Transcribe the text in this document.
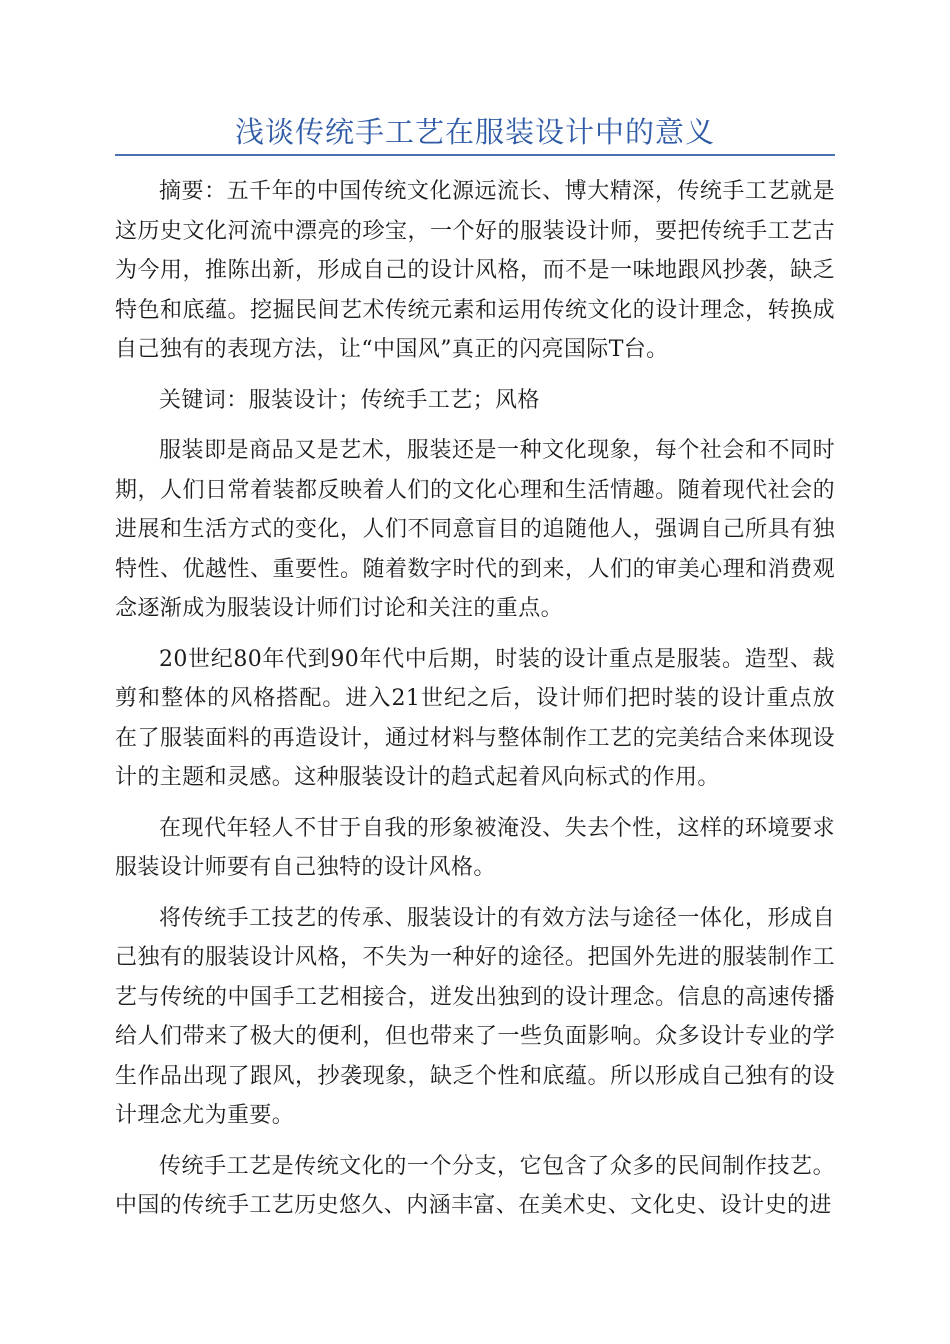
浅谈传统手工艺在服装设计中的意义

摘要：五千年的中国传统文化源远流长、博大精深，传统手工艺就是这历史文化河流中漂亮的珍宝，一个好的服装设计师，要把传统手工艺古为今用，推陈出新，形成自己的设计风格，而不是一味地跟风抄袭，缺乏特色和底蕴。挖掘民间艺术传统元素和运用传统文化的设计理念，转换成自己独有的表现方法，让“中国风”真正的闪亮国际T台。

关键词：服装设计；传统手工艺；风格

服装即是商品又是艺术，服装还是一种文化现象，每个社会和不同时期，人们日常着装都反映着人们的文化心理和生活情趣。随着现代社会的进展和生活方式的变化，人们不同意盲目的追随他人，强调自己所具有独特性、优越性、重要性。随着数字时代的到来，人们的审美心理和消费观念逐渐成为服装设计师们讨论和关注的重点。

20世纪80年代到90年代中后期，时装的设计重点是服装。造型、裁剪和整体的风格搭配。进入21世纪之后，设计师们把时装的设计重点放在了服装面料的再造设计，通过材料与整体制作工艺的完美结合来体现设计的主题和灵感。这种服装设计的趋式起着风向标式的作用。

在现代年轻人不甘于自我的形象被淹没、失去个性，这样的环境要求服装设计师要有自己独特的设计风格。

将传统手工技艺的传承、服装设计的有效方法与途径一体化，形成自己独有的服装设计风格，不失为一种好的途径。把国外先进的服装制作工艺与传统的中国手工艺相接合，迸发出独到的设计理念。信息的高速传播给人们带来了极大的便利，但也带来了一些负面影响。众多设计专业的学生作品出现了跟风，抄袭现象，缺乏个性和底蕴。所以形成自己独有的设计理念尤为重要。

传统手工艺是传统文化的一个分支，它包含了众多的民间制作技艺。中国的传统手工艺历史悠久、内涵丰富、在美术史、文化史、设计史的进
